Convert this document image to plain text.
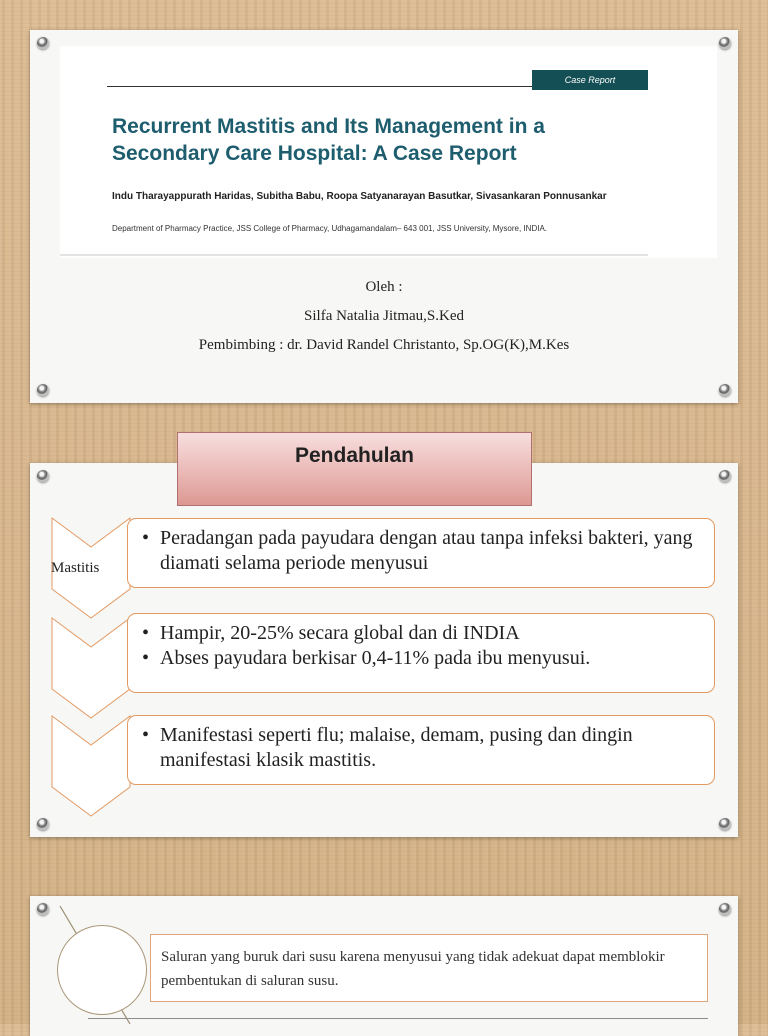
Case Report
Recurrent Mastitis and Its Management in a Secondary Care Hospital: A Case Report
Indu Tharayappurath Haridas, Subitha Babu, Roopa Satyanarayan Basutkar, Sivasankaran Ponnusankar
Department of Pharmacy Practice, JSS College of Pharmacy, Udhagamandalam– 643 001, JSS University, Mysore, INDIA.
Oleh :
Silfa Natalia Jitmau,S.Ked
Pembimbing : dr. David Randel Christanto, Sp.OG(K),M.Kes
Pendahulan
Mastitis
• Peradangan pada payudara dengan atau tanpa infeksi bakteri, yang diamati selama periode menyusui
• Hampir, 20-25% secara global dan di INDIA
• Abses payudara berkisar 0,4-11% pada ibu menyusui.
• Manifestasi seperti flu; malaise, demam, pusing dan dingin manifestasi klasik mastitis.
Saluran yang buruk dari susu karena menyusui yang tidak adekuat dapat memblokir pembentukan di saluran susu.
